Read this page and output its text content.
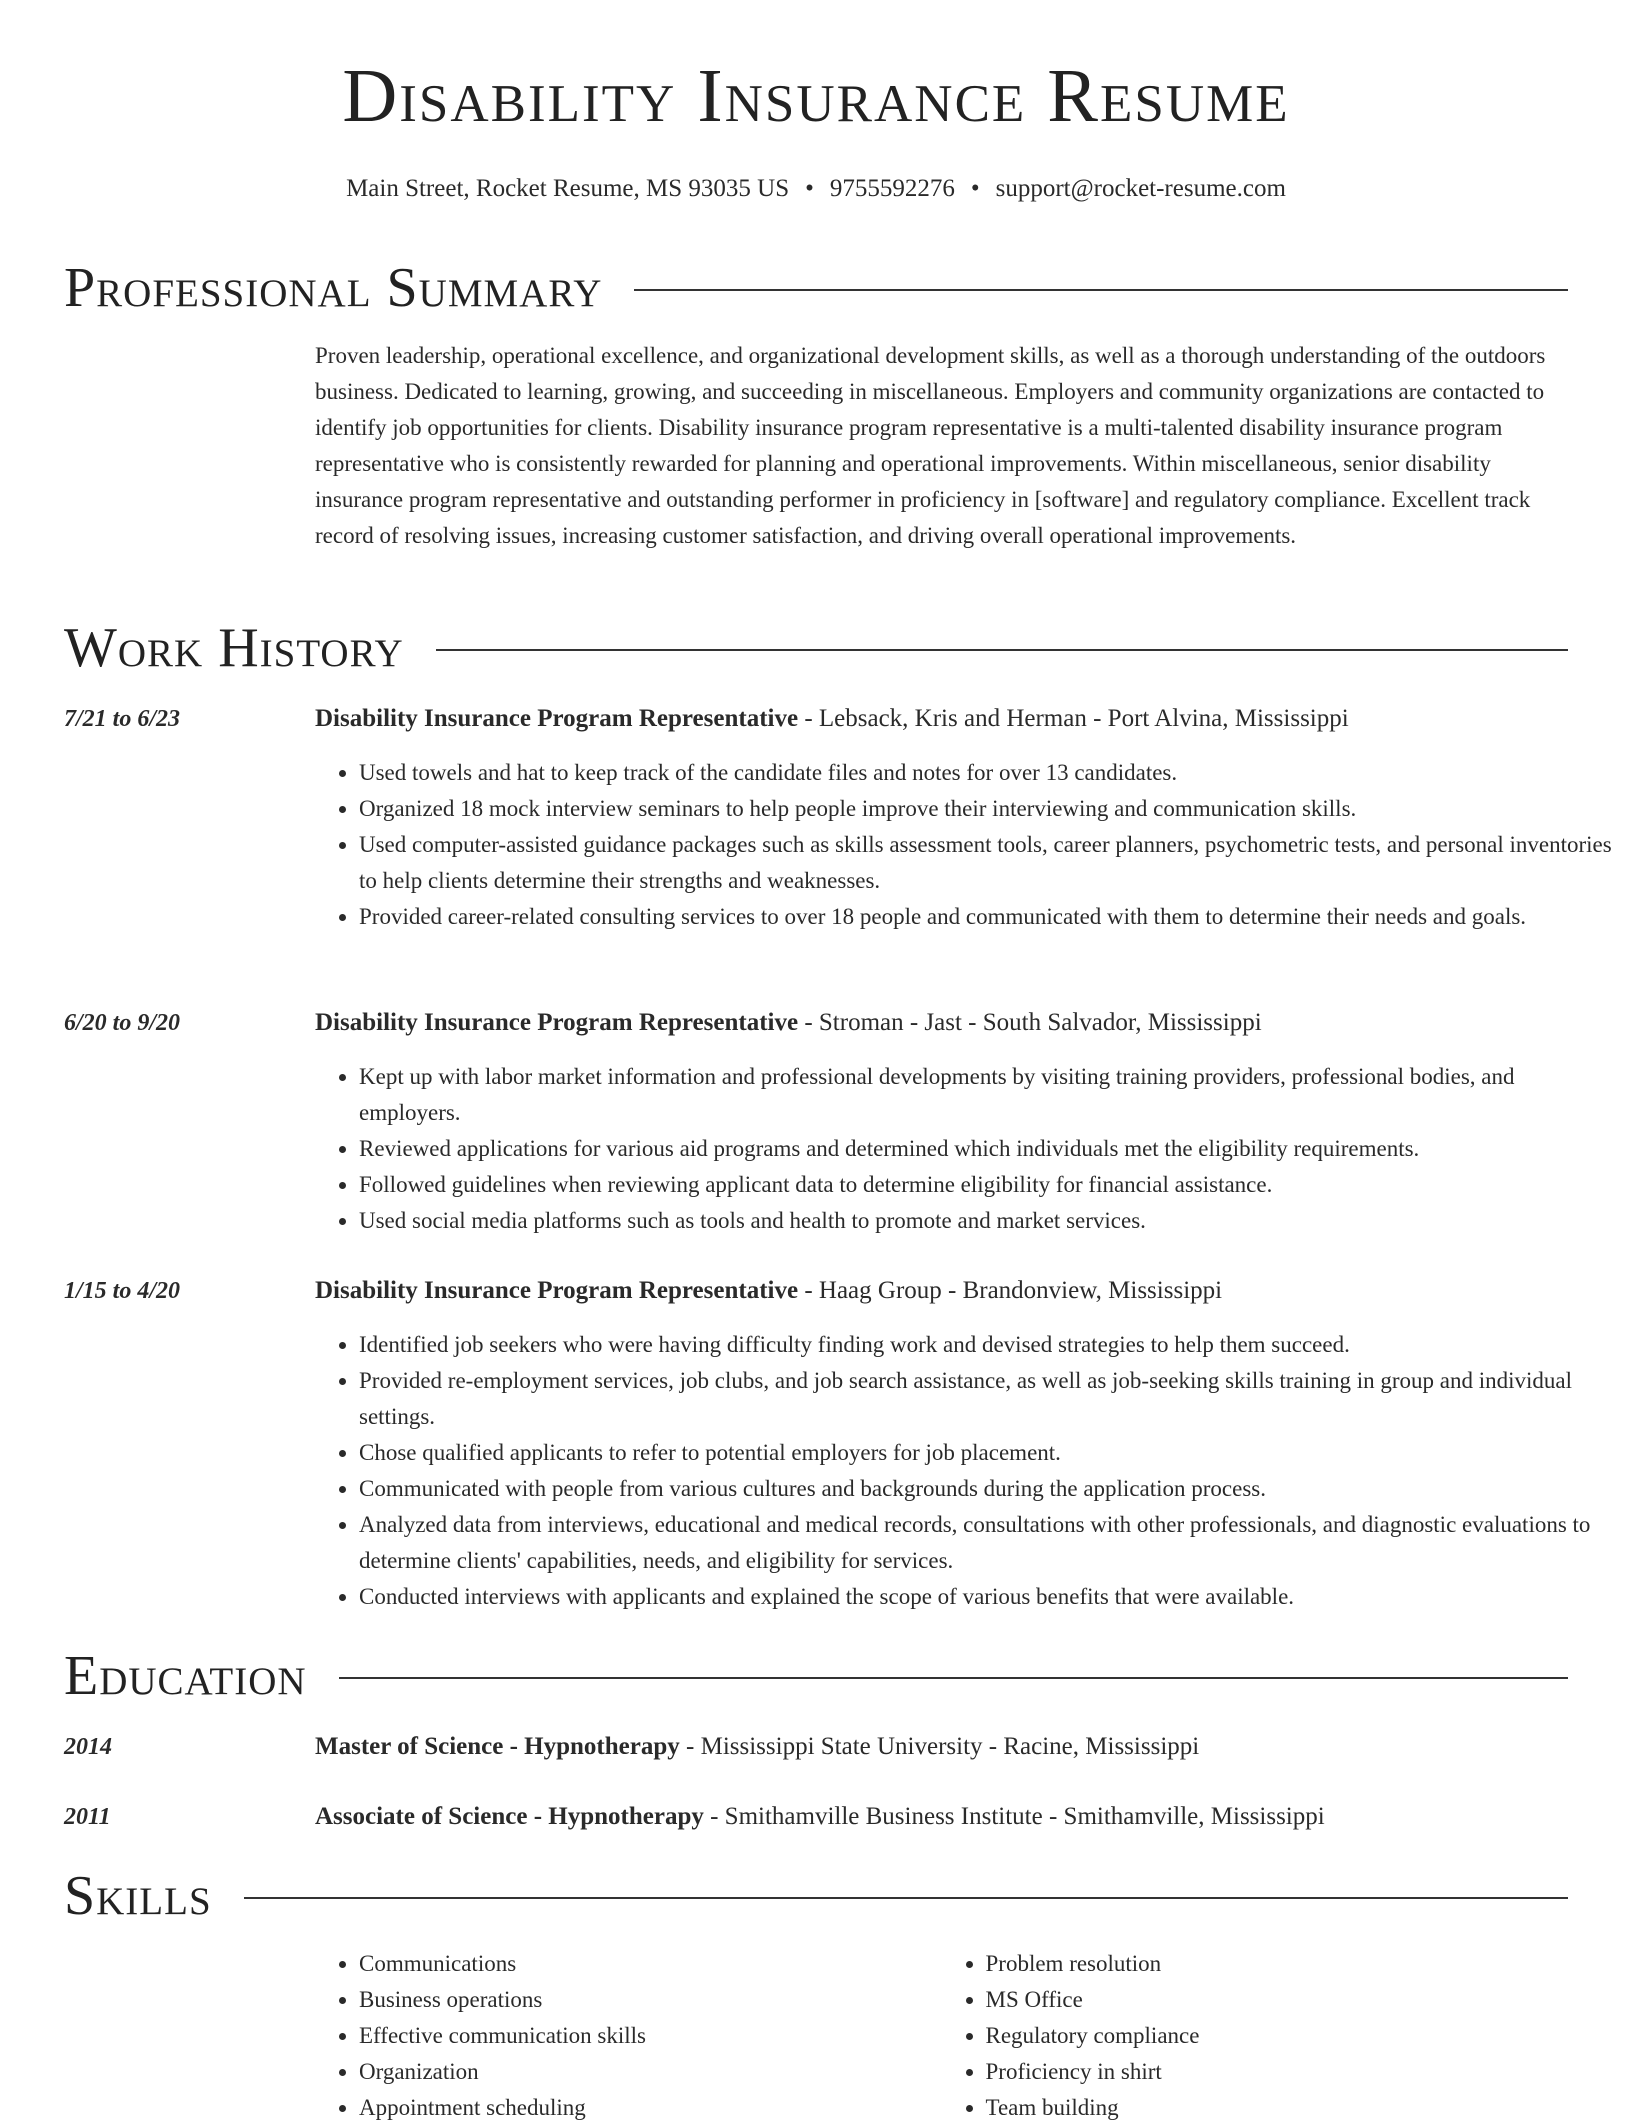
Disability Insurance Resume
Main Street, Rocket Resume, MS 93035 US • 9755592276 • support@rocket-resume.com
Professional Summary
Proven leadership, operational excellence, and organizational development skills, as well as a thorough understanding of the outdoors business. Dedicated to learning, growing, and succeeding in miscellaneous. Employers and community organizations are contacted to identify job opportunities for clients. Disability insurance program representative is a multi-talented disability insurance program representative who is consistently rewarded for planning and operational improvements. Within miscellaneous, senior disability insurance program representative and outstanding performer in proficiency in [software] and regulatory compliance. Excellent track record of resolving issues, increasing customer satisfaction, and driving overall operational improvements.
Work History
7/21 to 6/23	Disability Insurance Program Representative - Lebsack, Kris and Herman - Port Alvina, Mississippi
• Used towels and hat to keep track of the candidate files and notes for over 13 candidates.
• Organized 18 mock interview seminars to help people improve their interviewing and communication skills.
• Used computer-assisted guidance packages such as skills assessment tools, career planners, psychometric tests, and personal inventories to help clients determine their strengths and weaknesses.
• Provided career-related consulting services to over 18 people and communicated with them to determine their needs and goals.
6/20 to 9/20	Disability Insurance Program Representative - Stroman - Jast - South Salvador, Mississippi
• Kept up with labor market information and professional developments by visiting training providers, professional bodies, and employers.
• Reviewed applications for various aid programs and determined which individuals met the eligibility requirements.
• Followed guidelines when reviewing applicant data to determine eligibility for financial assistance.
• Used social media platforms such as tools and health to promote and market services.
1/15 to 4/20	Disability Insurance Program Representative - Haag Group - Brandonview, Mississippi
• Identified job seekers who were having difficulty finding work and devised strategies to help them succeed.
• Provided re-employment services, job clubs, and job search assistance, as well as job-seeking skills training in group and individual settings.
• Chose qualified applicants to refer to potential employers for job placement.
• Communicated with people from various cultures and backgrounds during the application process.
• Analyzed data from interviews, educational and medical records, consultations with other professionals, and diagnostic evaluations to determine clients' capabilities, needs, and eligibility for services.
• Conducted interviews with applicants and explained the scope of various benefits that were available.
Education
2014	Master of Science - Hypnotherapy - Mississippi State University - Racine, Mississippi
2011	Associate of Science - Hypnotherapy - Smithamville Business Institute - Smithamville, Mississippi
Skills
• Communications
• Business operations
• Effective communication skills
• Organization
• Appointment scheduling
• Problem resolution
• MS Office
• Regulatory compliance
• Proficiency in shirt
• Team building
